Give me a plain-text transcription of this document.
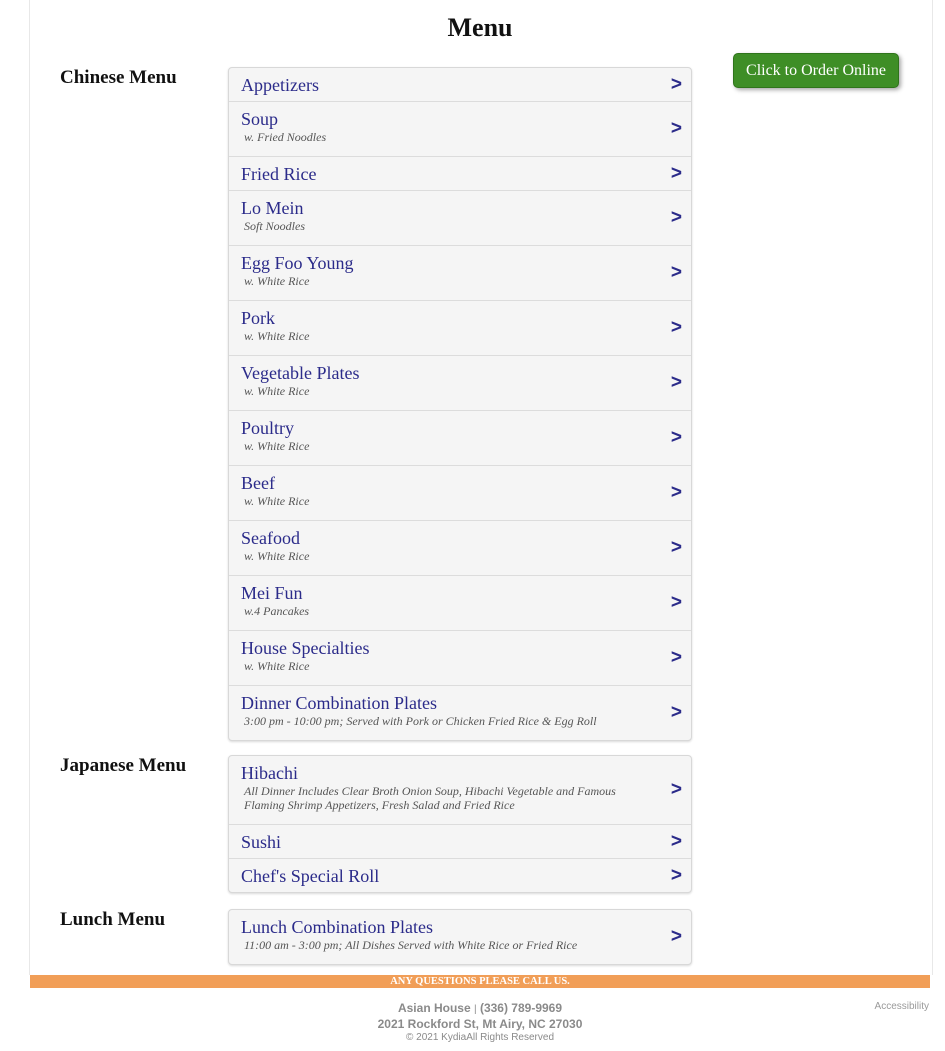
Menu
Click to Order Online
Chinese Menu	Appetizers	>
Soup
w. Fried Noodles	>
Fried Rice	>
Lo Mein
Soft Noodles	>
Egg Foo Young
w. White Rice	>
Pork
w. White Rice	>
Vegetable Plates
w. White Rice	>
Poultry
w. White Rice	>
Beef
w. White Rice	>
Seafood
w. White Rice	>
Mei Fun
w.4 Pancakes	>
House Specialties
w. White Rice	>
Dinner Combination Plates
3:00 pm - 10:00 pm; Served with Pork or Chicken Fried Rice & Egg Roll	>
Japanese Menu	Hibachi
All Dinner Includes Clear Broth Onion Soup, Hibachi Vegetable and Famous Flaming Shrimp Appetizers, Fresh Salad and Fried Rice
>
Sushi	>
Chef's Special Roll	>
Lunch Menu	Lunch Combination Plates
11:00 am - 3:00 pm; All Dishes Served with White Rice or Fried Rice	>
ANY QUESTIONS PLEASE CALL US.
Asian House | (336) 789-9969
2021 Rockford St, Mt Airy, NC 27030
© 2021 KydiaAll Rights Reserved
Accessibility
